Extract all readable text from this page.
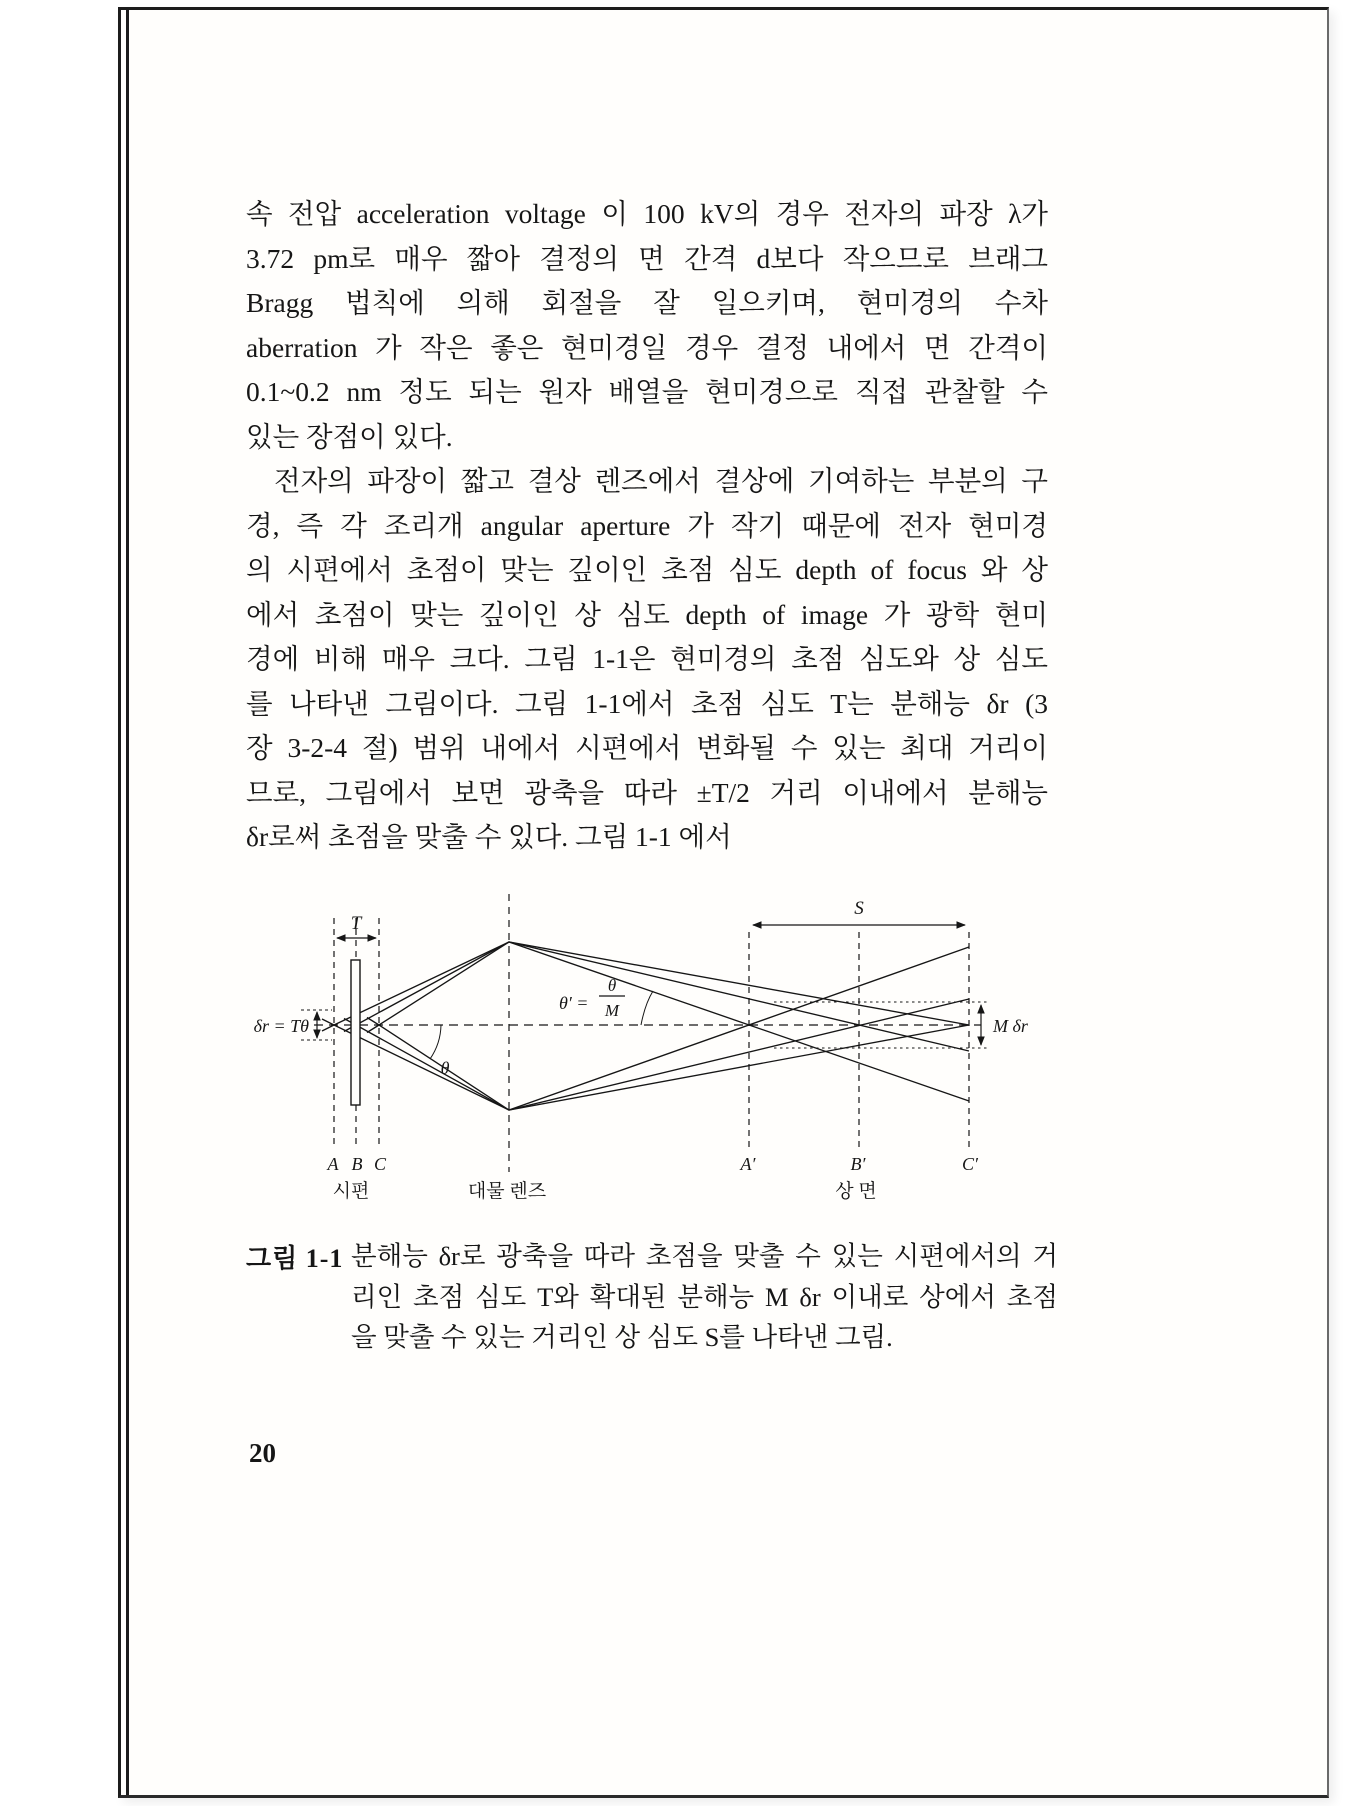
속 전압 acceleration voltage 이 100 kV의 경우 전자의 파장 λ가
3.72 pm로 매우 짧아 결정의 면 간격 d보다 작으므로 브래그
Bragg 법칙에 의해 회절을 잘 일으키며, 현미경의 수차
aberration 가 작은 좋은 현미경일 경우 결정 내에서 면 간격이
0.1~0.2 nm 정도 되는 원자 배열을 현미경으로 직접 관찰할 수
있는 장점이 있다.
전자의 파장이 짧고 결상 렌즈에서 결상에 기여하는 부분의 구
경, 즉 각 조리개 angular aperture 가 작기 때문에 전자 현미경
의 시편에서 초점이 맞는 깊이인 초점 심도 depth of focus 와 상
에서 초점이 맞는 깊이인 상 심도 depth of image 가 광학 현미
경에 비해 매우 크다. 그림 1-1은 현미경의 초점 심도와 상 심도
를 나타낸 그림이다. 그림 1-1에서 초점 심도 T는 분해능 δr (3
장 3-2-4 절) 범위 내에서 시편에서 변화될 수 있는 최대 거리이
므로, 그림에서 보면 광축을 따라 ±T/2 거리 이내에서 분해능
δr로써 초점을 맞출 수 있다. 그림 1-1 에서
T
S
δr = Tθ
θ
θ′ =
θ
M
M δr
A B C	A′	B′	C′
시편	대물 렌즈	상 면
그림 1-1 분해능 δr로 광축을 따라 초점을 맞출 수 있는 시편에서의 거
리인 초점 심도 T와 확대된 분해능 M δr 이내로 상에서 초점
을 맞출 수 있는 거리인 상 심도 S를 나타낸 그림.
20
